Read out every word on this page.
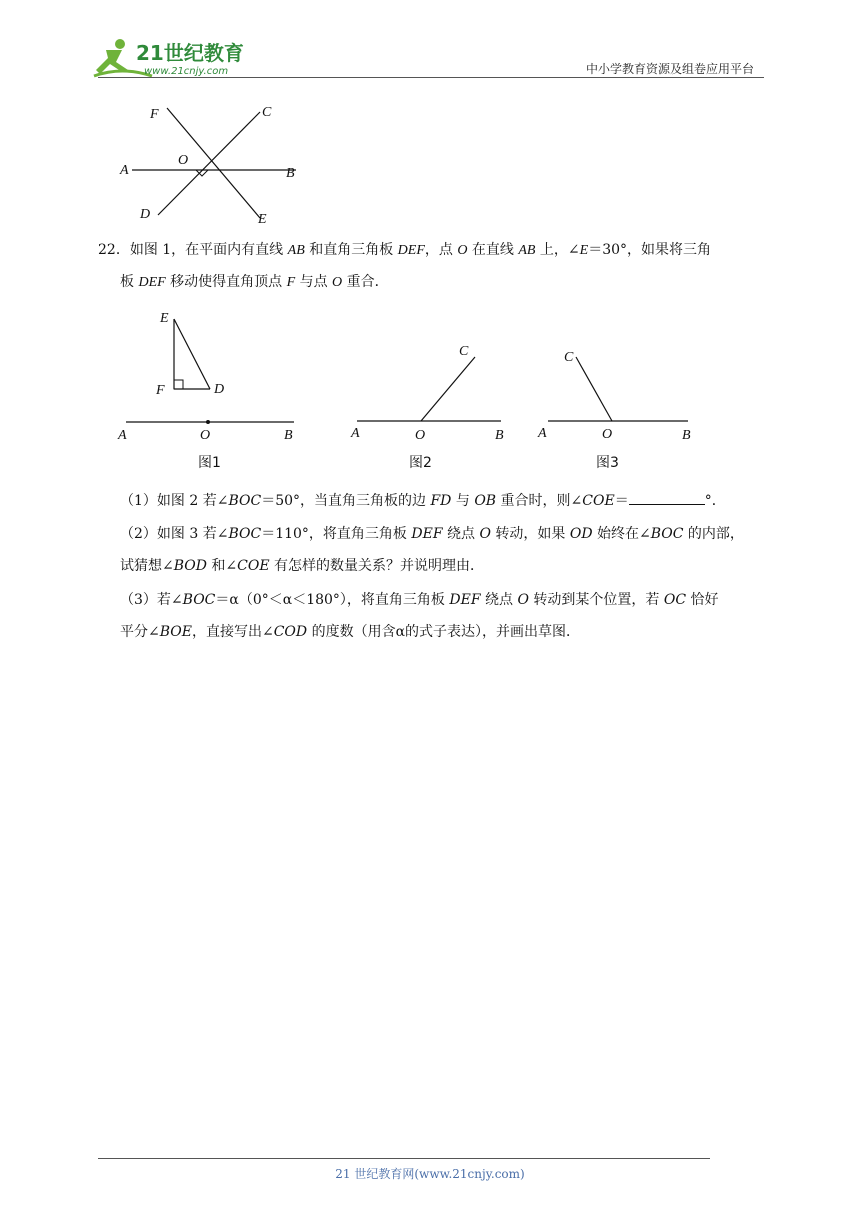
21世纪教育
www.21cnjy.com	中小学教育资源及组卷应用平台
F	C
O
A	B
D	E
22．如图 1，在平面内有直线 AB 和直角三角板 DEF，点 O 在直线 AB 上，∠E＝30°，如果将三角
板 DEF 移动使得直角顶点 F 与点 O 重合．
E
F	D
A	O	B
图1
C
A	O	B
图2
C
A	O	B
图3
（1）如图 2 若∠BOC＝50°，当直角三角板的边 FD 与 OB 重合时，则∠COE＝	°．
（2）如图 3 若∠BOC＝110°，将直角三角板 DEF 绕点 O 转动，如果 OD 始终在∠BOC 的内部，
试猜想∠BOD 和∠COE 有怎样的数量关系？并说明理由．
（3）若∠BOC＝α（0°＜α＜180°），将直角三角板 DEF 绕点 O 转动到某个位置，若 OC 恰好
平分∠BOE，直接写出∠COD 的度数（用含α的式子表达），并画出草图．
21 世纪教育网(www.21cnjy.com)
